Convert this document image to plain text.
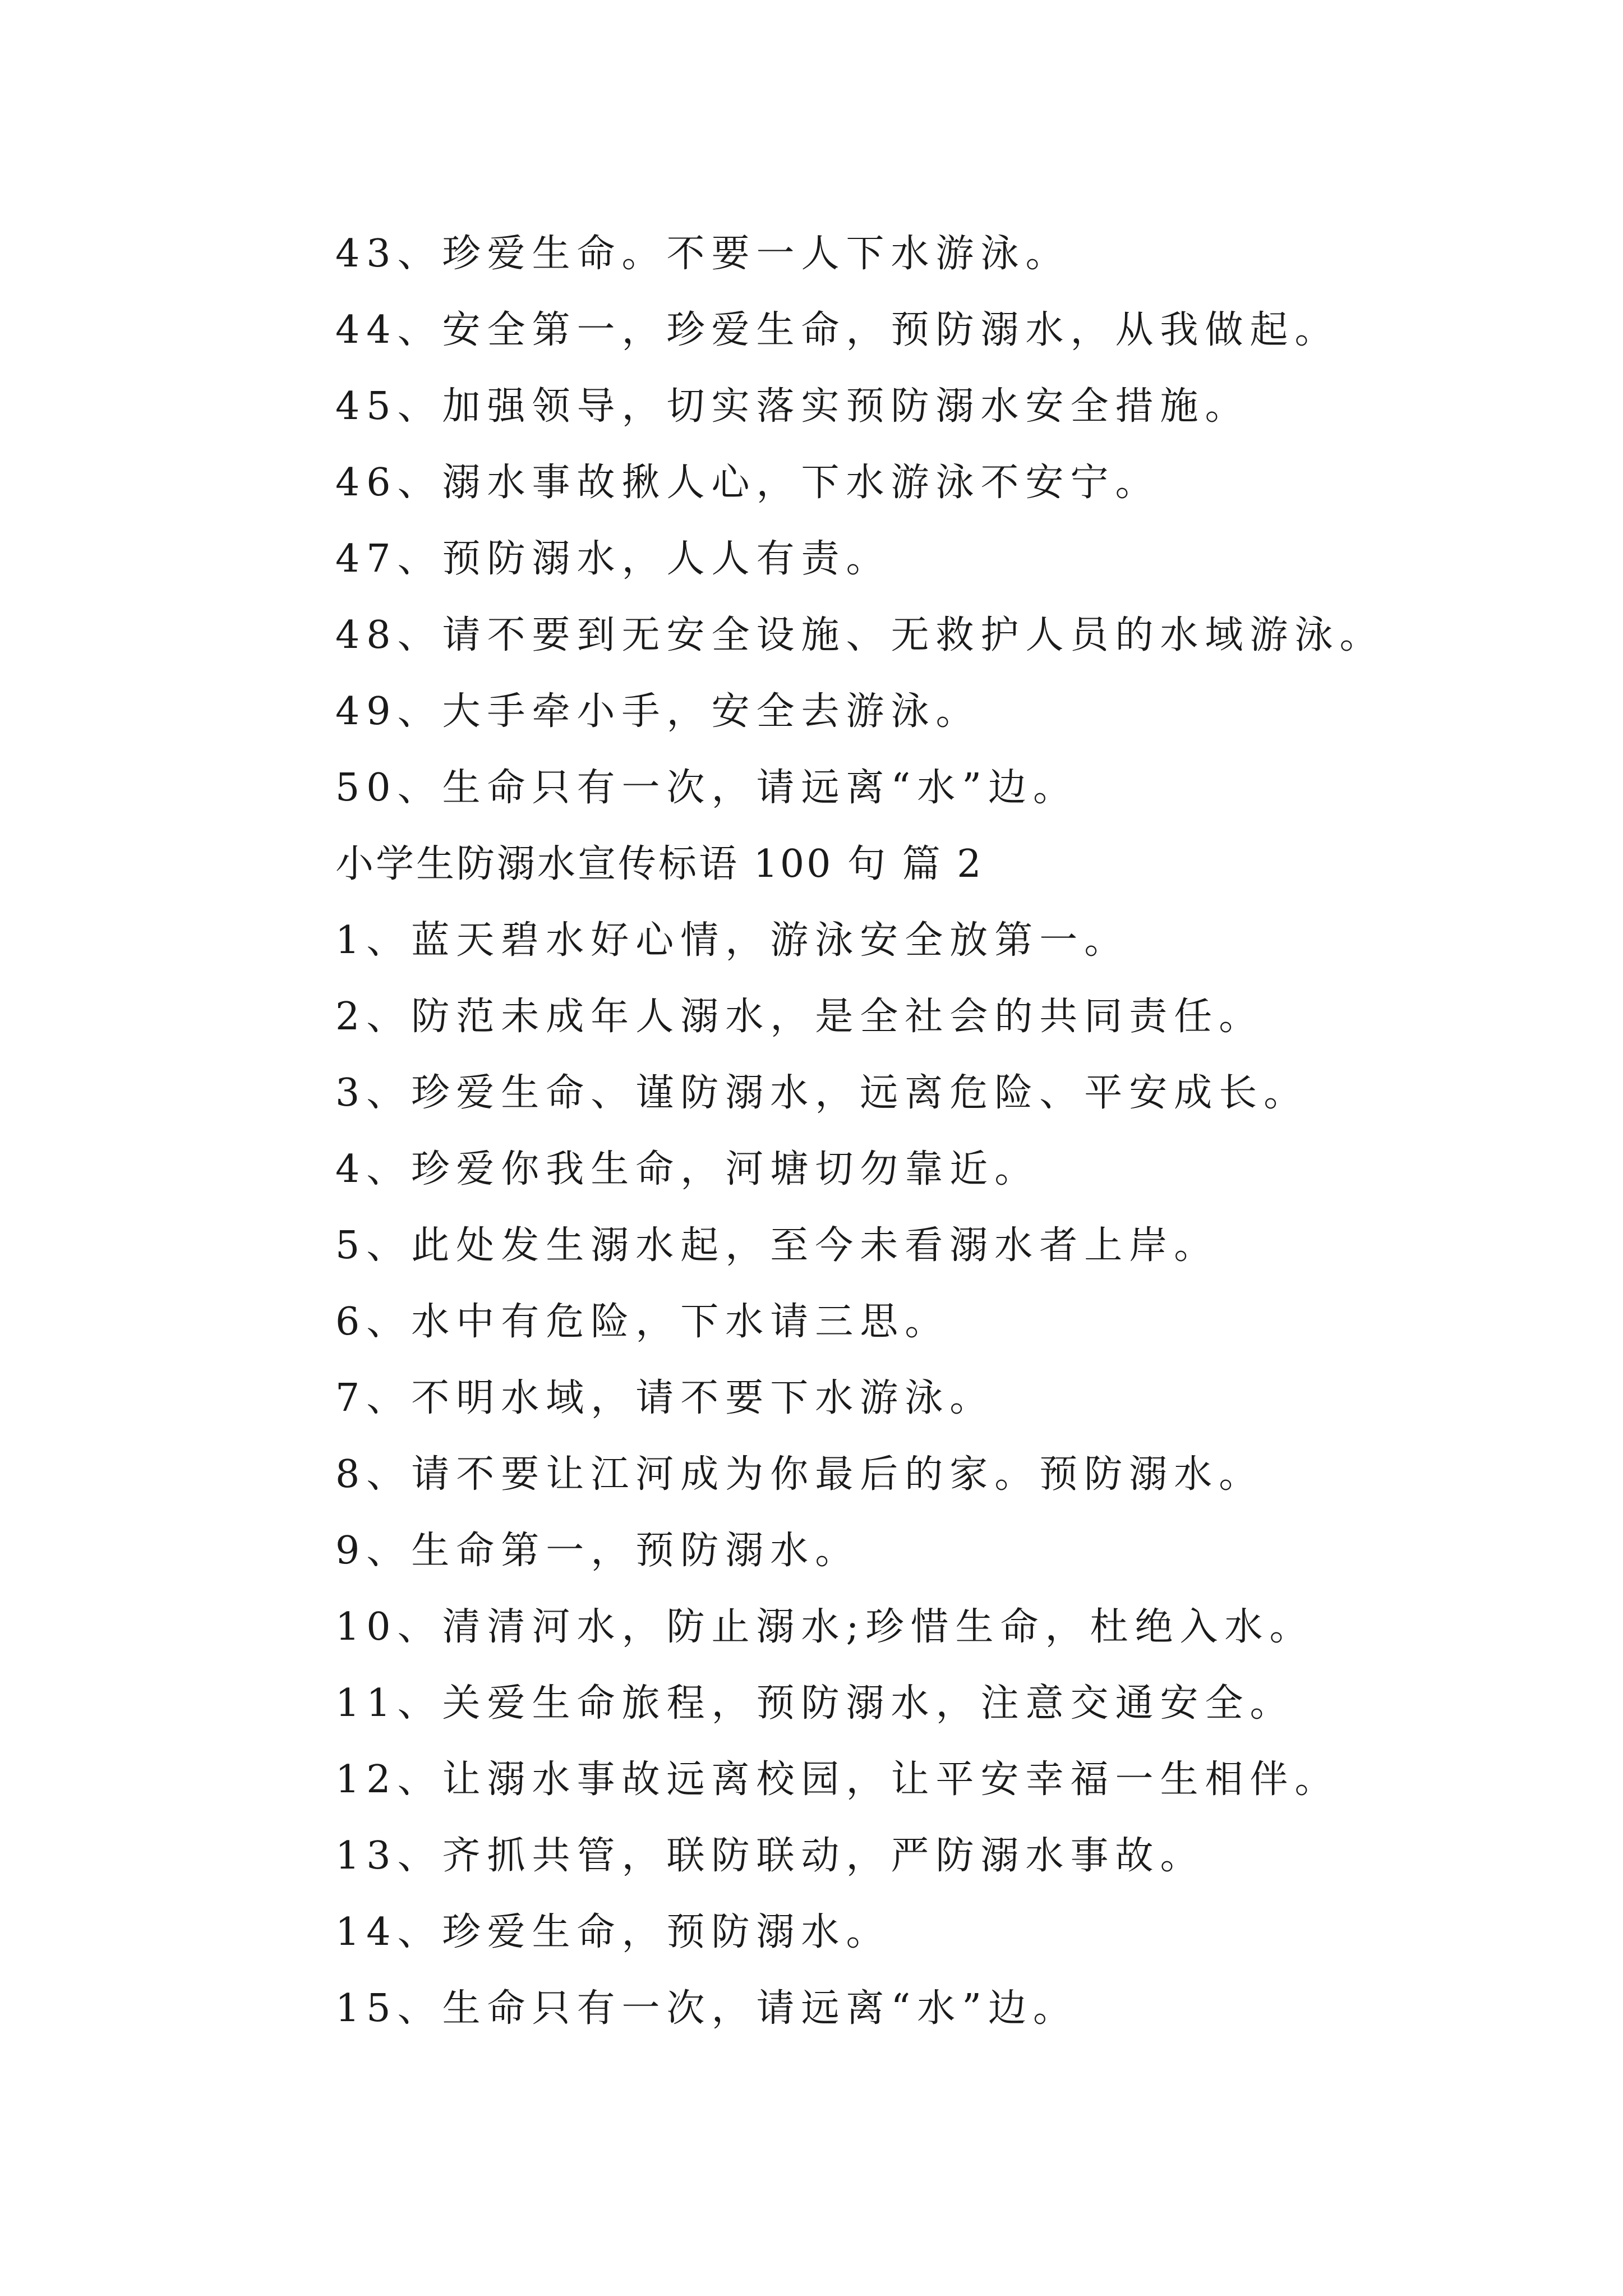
43、珍爱生命。不要一人下水游泳。
44、安全第一，珍爱生命，预防溺水，从我做起。
45、加强领导，切实落实预防溺水安全措施。
46、溺水事故揪人心，下水游泳不安宁。
47、预防溺水，人人有责。
48、请不要到无安全设施、无救护人员的水域游泳。
49、大手牵小手，安全去游泳。
50、生命只有一次，请远离“水”边。
小学生防溺水宣传标语 100 句 篇 2
1、蓝天碧水好心情，游泳安全放第一。
2、防范未成年人溺水，是全社会的共同责任。
3、珍爱生命、谨防溺水，远离危险、平安成长。
4、珍爱你我生命，河塘切勿靠近。
5、此处发生溺水起，至今未看溺水者上岸。
6、水中有危险，下水请三思。
7、不明水域，请不要下水游泳。
8、请不要让江河成为你最后的家。预防溺水。
9、生命第一，预防溺水。
10、清清河水，防止溺水;珍惜生命，杜绝入水。
11、关爱生命旅程，预防溺水，注意交通安全。
12、让溺水事故远离校园，让平安幸福一生相伴。
13、齐抓共管，联防联动，严防溺水事故。
14、珍爱生命，预防溺水。
15、生命只有一次，请远离“水”边。
